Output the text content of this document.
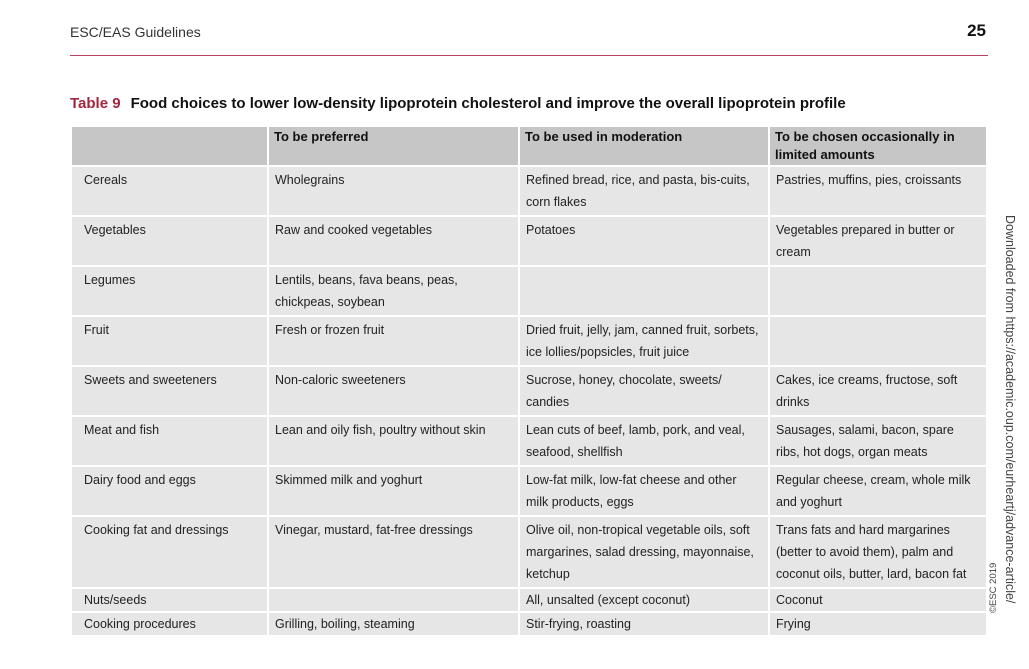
ESC/EAS Guidelines	25
Table 9 Food choices to lower low-density lipoprotein cholesterol and improve the overall lipoprotein profile
	To be preferred	To be used in moderation	To be chosen occasionally in limited amounts
Cereals	Wholegrains	Refined bread, rice, and pasta, bis-cuits, corn flakes	Pastries, muffins, pies, croissants
Vegetables	Raw and cooked vegetables	Potatoes	Vegetables prepared in butter or cream
Legumes	Lentils, beans, fava beans, peas, chickpeas, soybean		
Fruit	Fresh or frozen fruit	Dried fruit, jelly, jam, canned fruit, sorbets, ice lollies/popsicles, fruit juice	
Sweets and sweeteners	Non-caloric sweeteners	Sucrose, honey, chocolate, sweets/ candies	Cakes, ice creams, fructose, soft drinks
Meat and fish	Lean and oily fish, poultry without skin	Lean cuts of beef, lamb, pork, and veal, seafood, shellfish	Sausages, salami, bacon, spare ribs, hot dogs, organ meats
Dairy food and eggs	Skimmed milk and yoghurt	Low-fat milk, low-fat cheese and other milk products, eggs	Regular cheese, cream, whole milk and yoghurt
Cooking fat and dressings	Vinegar, mustard, fat-free dressings	Olive oil, non-tropical vegetable oils, soft margarines, salad dressing, mayonnaise, ketchup	Trans fats and hard margarines (better to avoid them), palm and coconut oils, butter, lard, bacon fat
Nuts/seeds		All, unsalted (except coconut)	Coconut
Cooking procedures	Grilling, boiling, steaming	Stir-frying, roasting	Frying
©ESC 2019 Downloaded from https://academic.oup.com/eurheartj/advance-article/
